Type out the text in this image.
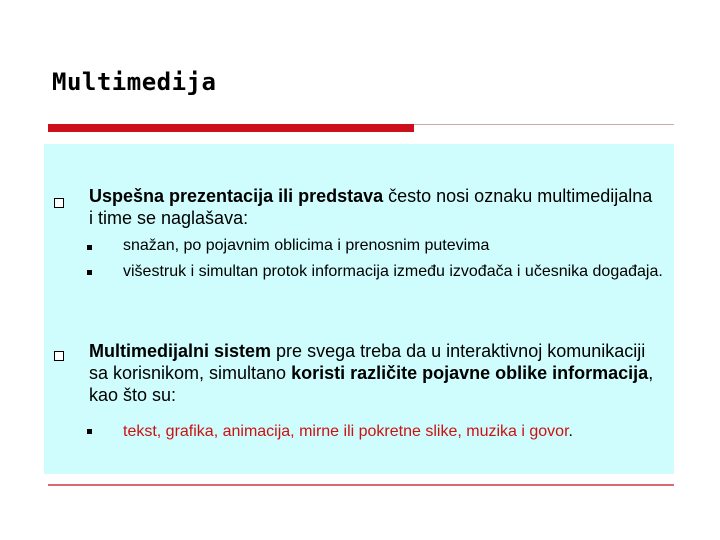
Multimedija
Uspešna prezentacija ili predstava često nosi oznaku multimedijalna i time se naglašava:
snažan, po pojavnim oblicima i prenosnim putevima
višestruk i simultan protok informacija između izvođača i učesnika događaja.
Multimedijalni sistem pre svega treba da u interaktivnoj komunikaciji sa korisnikom, simultano koristi različite pojavne oblike informacija, kao što su:
tekst, grafika, animacija, mirne ili pokretne slike, muzika i govor.
